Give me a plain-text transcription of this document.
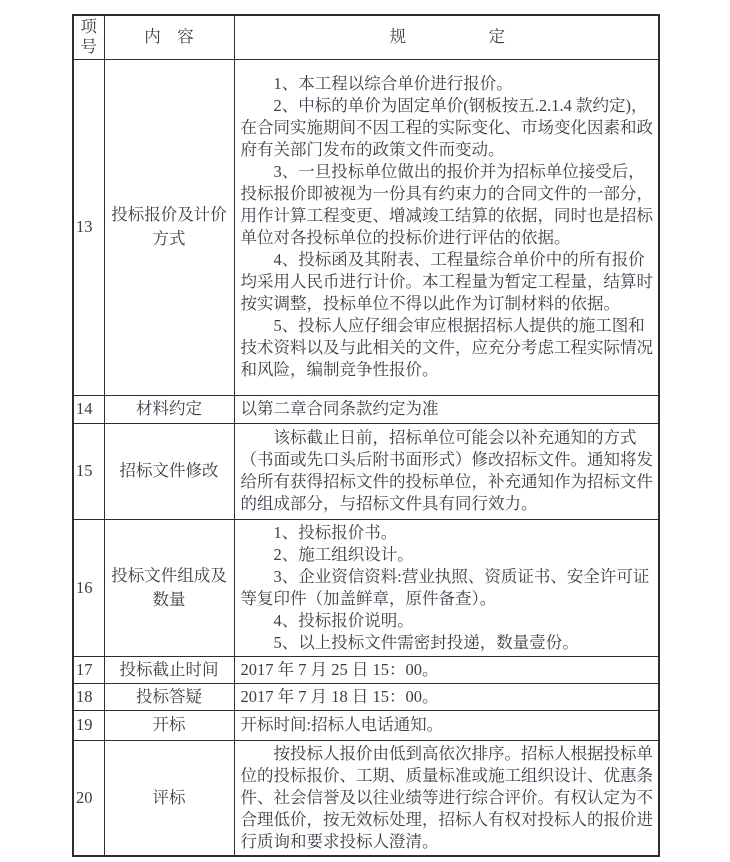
项号	内　容	规　　　　　定
13	投标报价及计价方式	1、本工程以综合单价进行报价。

2、中标的单价为固定单价(钢板按五.2.1.4 款约定)，在合同实施期间不因工程的实际变化、市场变化因素和政府有关部门发布的政策文件而变动。

3、一旦投标单位做出的报价并为招标单位接受后，投标报价即被视为一份具有约束力的合同文件的一部分，用作计算工程变更、增减竣工结算的依据，同时也是招标单位对各投标单位的投标价进行评估的依据。

4、投标函及其附表、工程量综合单价中的所有报价均采用人民币进行计价。本工程量为暂定工程量，结算时按实调整，投标单位不得以此作为订制材料的依据。

5、投标人应仔细会审应根据招标人提供的施工图和技术资料以及与此相关的文件，应充分考虑工程实际情况和风险，编制竞争性报价。

14	材料约定	以第二章合同条款约定为准

15	招标文件修改	该标截止日前，招标单位可能会以补充通知的方式（书面或先口头后附书面形式）修改招标文件。通知将发给所有获得招标文件的投标单位，补充通知作为招标文件的组成部分，与招标文件具有同行效力。

16	投标文件组成及数量	1、投标报价书。

2、施工组织设计。

3、企业资信资料:营业执照、资质证书、安全许可证等复印件（加盖鲜章，原件备查）。

4、投标报价说明。

5、以上投标文件需密封投递，数量壹份。

17	投标截止时间	2017 年 7 月 25 日 15：00。

18	投标答疑	2017 年 7 月 18 日 15：00。

19	开标	开标时间:招标人电话通知。

20	评标	按投标人报价由低到高依次排序。招标人根据投标单位的投标报价、工期、质量标准或施工组织设计、优惠条件、社会信誉及以往业绩等进行综合评价。有权认定为不合理低价，按无效标处理，招标人有权对投标人的报价进行质询和要求投标人澄清。
